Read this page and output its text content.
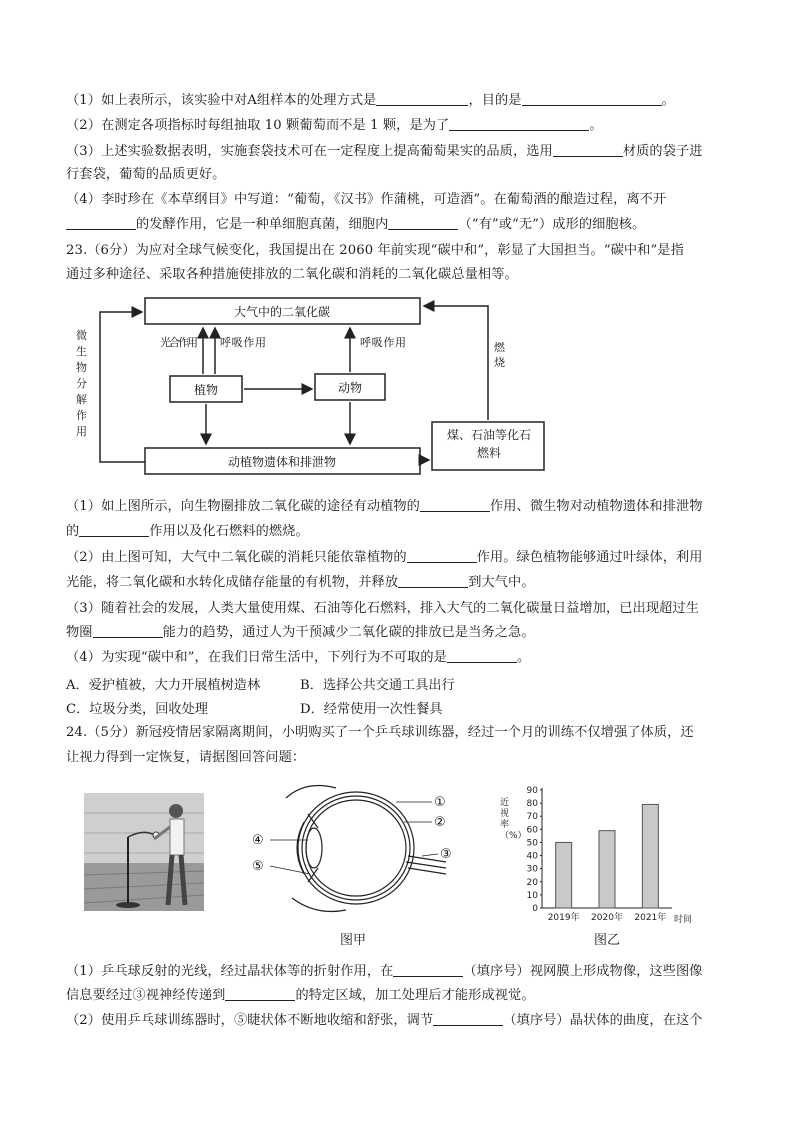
（1）如上表所示，该实验中对A组样本的处理方式是	，目的是	。
（2）在测定各项指标时每组抽取 10 颗葡萄而不是 1 颗，是为了	。
（3）上述实验数据表明，实施套袋技术可在一定程度上提高葡萄果实的品质，选用	材质的袋子进
行套袋，葡萄的品质更好。
（4）李时珍在《本草纲目》中写道：“葡萄，《汉书》作蒲桃，可造酒”。在葡萄酒的酿造过程，离不开
的发酵作用，它是一种单细胞真菌，细胞内	（“有”或“无”）成形的细胞核。
23.（6分）为应对全球气候变化，我国提出在 2060 年前实现“碳中和”，彰显了大国担当。“碳中和”是指
通过多种途径、采取各种措施使排放的二氧化碳和消耗的二氧化碳总量相等。
大气中的二氧化碳
植物	动物
动植物遗体和排泄物
光合作用 呼吸作用	呼吸作用
煤、石油等化石燃料
燃烧
微生物分解作用
（1）如上图所示，向生物圈排放二氧化碳的途径有动植物的	作用、微生物对动植物遗体和排泄物
的	作用以及化石燃料的燃烧。
（2）由上图可知，大气中二氧化碳的消耗只能依靠植物的	作用。绿色植物能够通过叶绿体，利用
光能，将二氧化碳和水转化成储存能量的有机物，并释放	到大气中。
（3）随着社会的发展，人类大量使用煤、石油等化石燃料，排入大气的二氧化碳量日益增加，已出现超过生
物圈	能力的趋势，通过人为干预减少二氧化碳的排放已是当务之急。
（4）为实现“碳中和”，在我们日常生活中，下列行为不可取的是	。
A．爱护植被，大力开展植树造林	B．选择公共交通工具出行
C．垃圾分类，回收处理	D．经常使用一次性餐具
24.（5分）新冠疫情居家隔离期间，小明购买了一个乒乓球训练器，经过一个月的训练不仅增强了体质，还
让视力得到一定恢复，请据图回答问题：
①
②
③
④
⑤
图甲
0
10
20
30
40
50
60
70
80
90
2019年 2020年 2021年
近视率（%）
时间
图乙
（1）乒乓球反射的光线，经过晶状体等的折射作用，在	（填序号）视网膜上形成物像，这些图像
信息要经过③视神经传递到	的特定区域，加工处理后才能形成视觉。
（2）使用乒乓球训练器时，⑤睫状体不断地收缩和舒张，调节	（填序号）晶状体的曲度，在这个
